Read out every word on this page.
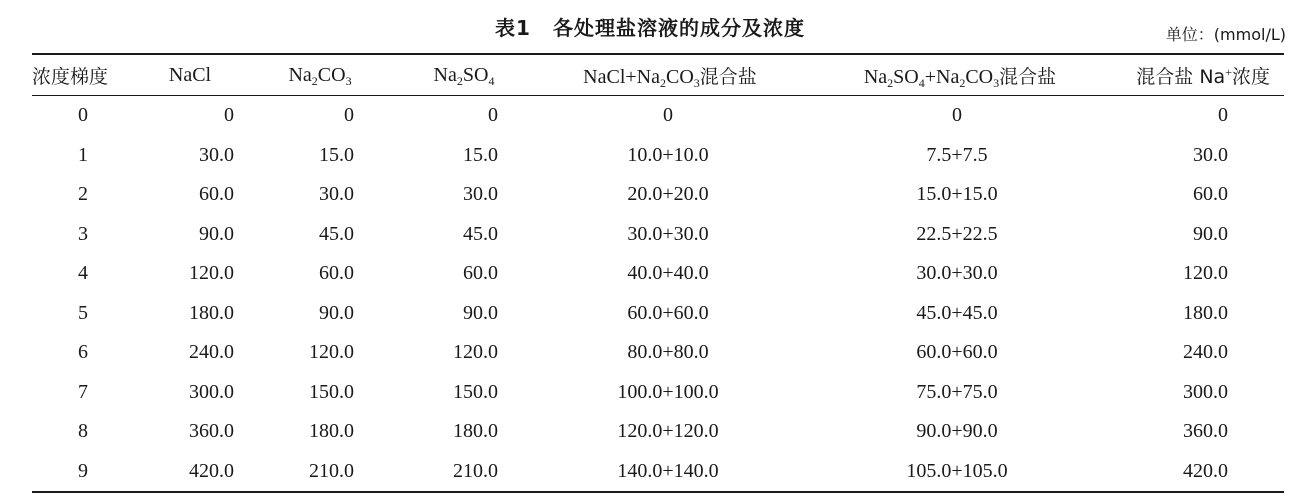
表1 各处理盐溶液的成分及浓度	单位：(mmol/L)
浓度梯度	NaCl	$Na_2CO_3$	$Na_2SO_4$	$NaCl+Na_2CO_3$混合盐	$Na_2SO_4+Na_2CO_3$混合盐	混合盐 Na+浓度
0	0	0	0	0	0	0
1	30.0	15.0	15.0	10.0+10.0	7.5+7.5	30.0
2	60.0	30.0	30.0	20.0+20.0	15.0+15.0	60.0
3	90.0	45.0	45.0	30.0+30.0	22.5+22.5	90.0
4	120.0	60.0	60.0	40.0+40.0	30.0+30.0	120.0
5	180.0	90.0	90.0	60.0+60.0	45.0+45.0	180.0
6	240.0	120.0	120.0	80.0+80.0	60.0+60.0	240.0
7	300.0	150.0	150.0	100.0+100.0	75.0+75.0	300.0
8	360.0	180.0	180.0	120.0+120.0	90.0+90.0	360.0
9	420.0	210.0	210.0	140.0+140.0	105.0+105.0	420.0
